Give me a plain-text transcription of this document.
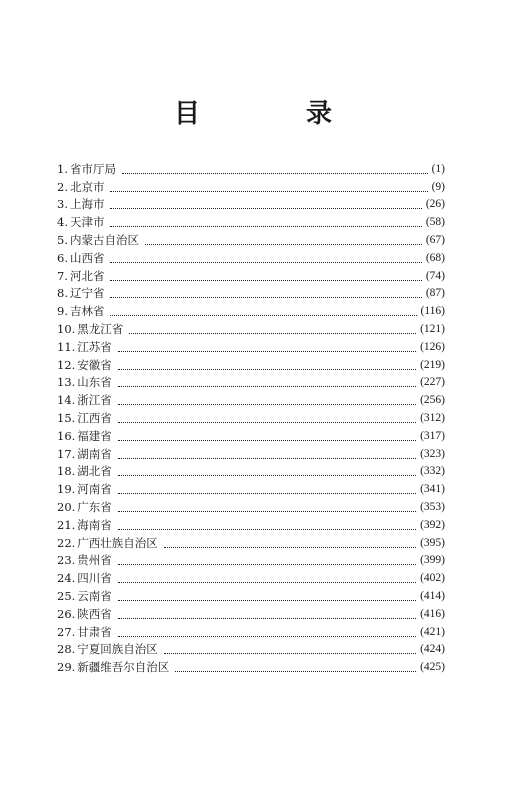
目　录
1. 省市厅局	(1)
2. 北京市	(9)
3. 上海市	(26)
4. 天津市	(58)
5. 内蒙古自治区	(67)
6. 山西省	(68)
7. 河北省	(74)
8. 辽宁省	(87)
9. 吉林省	(116)
10. 黑龙江省	(121)
11. 江苏省	(126)
12. 安徽省	(219)
13. 山东省	(227)
14. 浙江省	(256)
15. 江西省	(312)
16. 福建省	(317)
17. 湖南省	(323)
18. 湖北省	(332)
19. 河南省	(341)
20. 广东省	(353)
21. 海南省	(392)
22. 广西壮族自治区	(395)
23. 贵州省	(399)
24. 四川省	(402)
25. 云南省	(414)
26. 陕西省	(416)
27. 甘肃省	(421)
28. 宁夏回族自治区	(424)
29. 新疆维吾尔自治区	(425)
